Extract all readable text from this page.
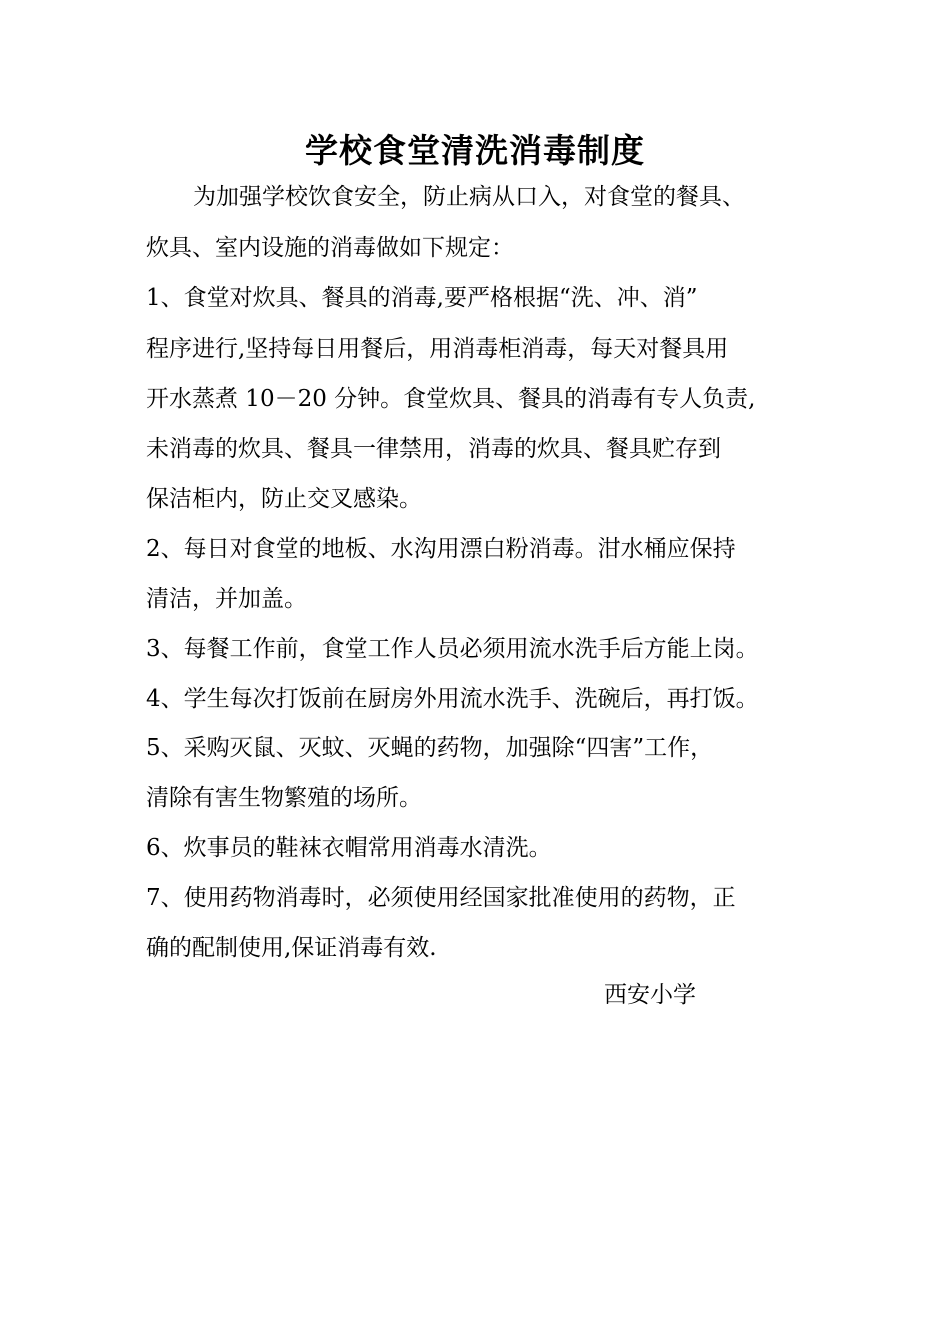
学校食堂清洗消毒制度
为加强学校饮食安全，防止病从口入，对食堂的餐具、
炊具、室内设施的消毒做如下规定：
1、食堂对炊具、餐具的消毒,要严格根据“洗、冲、消”
程序进行,坚持每日用餐后，用消毒柜消毒，每天对餐具用
开水蒸煮 10－20 分钟。食堂炊具、餐具的消毒有专人负责,
未消毒的炊具、餐具一律禁用，消毒的炊具、餐具贮存到
保洁柜内，防止交叉感染。
2、每日对食堂的地板、水沟用漂白粉消毒。泔水桶应保持
清洁，并加盖。
3、每餐工作前，食堂工作人员必须用流水洗手后方能上岗。
4、学生每次打饭前在厨房外用流水洗手、洗碗后，再打饭。
5、采购灭鼠、灭蚊、灭蝇的药物，加强除“四害”工作，
清除有害生物繁殖的场所。
6、炊事员的鞋袜衣帽常用消毒水清洗。
7、使用药物消毒时，必须使用经国家批准使用的药物，正
确的配制使用,保证消毒有效.
西安小学
